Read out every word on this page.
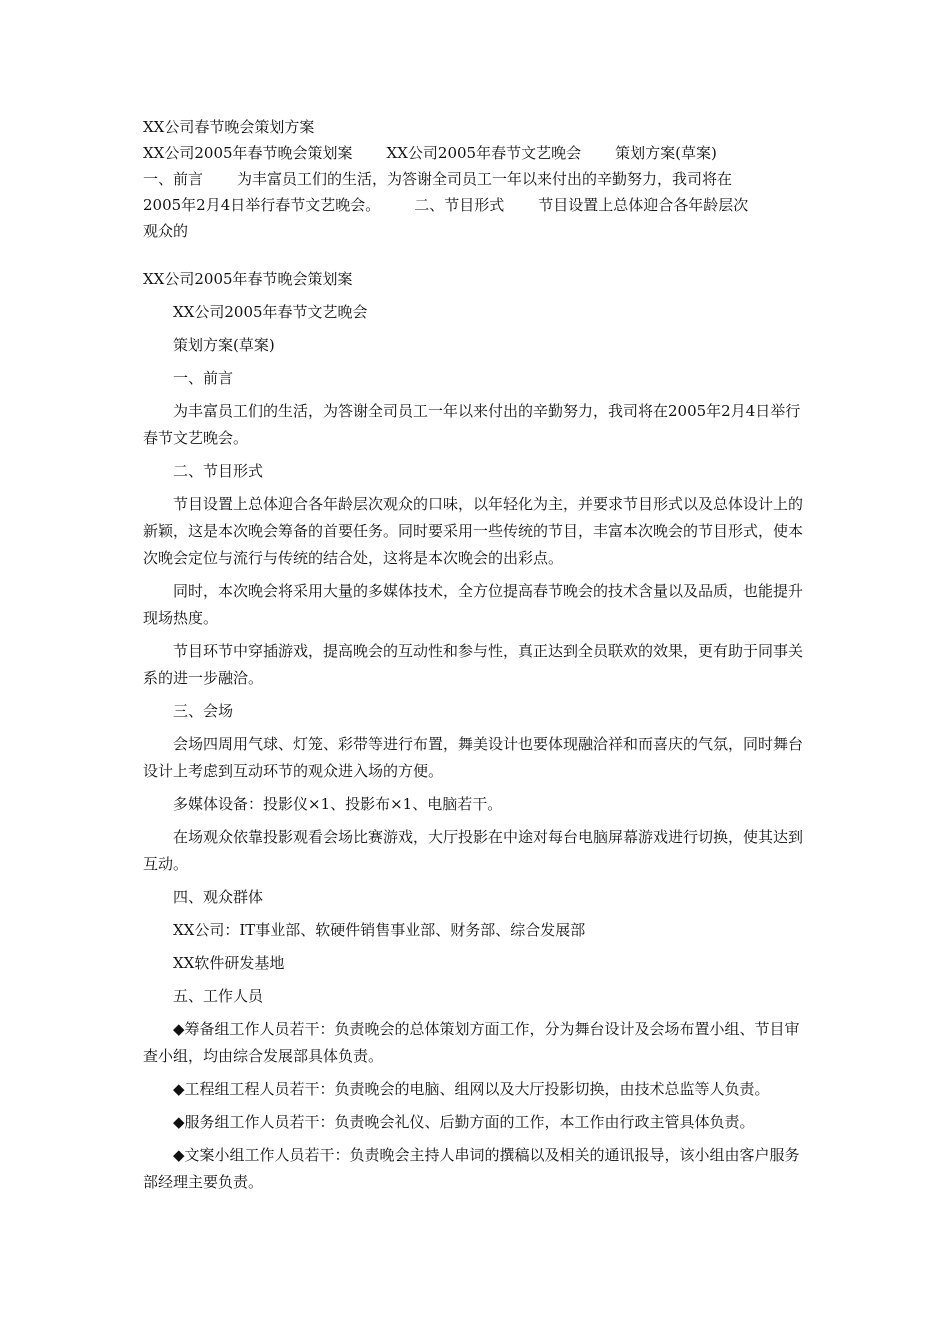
XX公司春节晚会策划方案

XX公司2005年春节晚会策划案 XX公司2005年春节文艺晚会 策划方案(草案)

一、前言 为丰富员工们的生活，为答谢全司员工一年以来付出的辛勤努力，我司将在

2005年2月4日举行春节文艺晚会。 二、节目形式 节目设置上总体迎合各年龄层次

观众的

XX公司2005年春节晚会策划案

XX公司2005年春节文艺晚会

策划方案(草案)

一、前言

为丰富员工们的生活，为答谢全司员工一年以来付出的辛勤努力，我司将在2005年2月4日举行春节文艺晚会。

二、节目形式

节目设置上总体迎合各年龄层次观众的口味，以年轻化为主，并要求节目形式以及总体设计上的新颖，这是本次晚会筹备的首要任务。同时要采用一些传统的节目，丰富本次晚会的节目形式，使本次晚会定位与流行与传统的结合处，这将是本次晚会的出彩点。

同时，本次晚会将采用大量的多媒体技术，全方位提高春节晚会的技术含量以及品质，也能提升现场热度。

节目环节中穿插游戏，提高晚会的互动性和参与性，真正达到全员联欢的效果，更有助于同事关系的进一步融洽。

三、会场

会场四周用气球、灯笼、彩带等进行布置，舞美设计也要体现融洽祥和而喜庆的气氛，同时舞台设计上考虑到互动环节的观众进入场的方便。

多媒体设备：投影仪×1、投影布×1、电脑若干。

在场观众依靠投影观看会场比赛游戏，大厅投影在中途对每台电脑屏幕游戏进行切换，使其达到互动。

四、观众群体

XX公司：IT事业部、软硬件销售事业部、财务部、综合发展部

XX软件研发基地

五、工作人员

◆筹备组工作人员若干：负责晚会的总体策划方面工作，分为舞台设计及会场布置小组、节目审查小组，均由综合发展部具体负责。

◆工程组工程人员若干：负责晚会的电脑、组网以及大厅投影切换，由技术总监等人负责。

◆服务组工作人员若干：负责晚会礼仪、后勤方面的工作，本工作由行政主管具体负责。

◆文案小组工作人员若干：负责晚会主持人串词的撰稿以及相关的通讯报导，该小组由客户服务部经理主要负责。
